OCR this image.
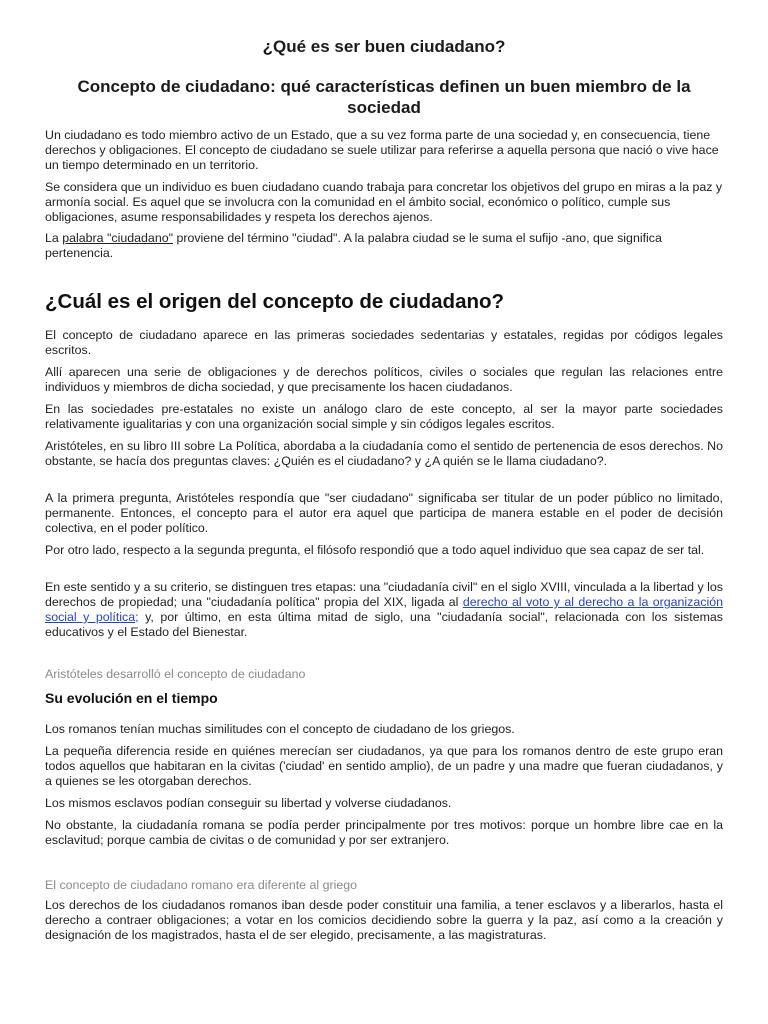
¿Qué es ser buen ciudadano?
Concepto de ciudadano: qué características definen un buen miembro de la sociedad

Un ciudadano es todo miembro activo de un Estado, que a su vez forma parte de una sociedad y, en consecuencia, tiene derechos y obligaciones. El concepto de ciudadano se suele utilizar para referirse a aquella persona que nació o vive hace un tiempo determinado en un territorio.

Se considera que un individuo es buen ciudadano cuando trabaja para concretar los objetivos del grupo en miras a la paz y armonía social. Es aquel que se involucra con la comunidad en el ámbito social, económico o político, cumple sus obligaciones, asume responsabilidades y respeta los derechos ajenos.

La palabra "ciudadano" proviene del término "ciudad". A la palabra ciudad se le suma el sufijo -ano, que significa pertenencia.

¿Cuál es el origen del concepto de ciudadano?

El concepto de ciudadano aparece en las primeras sociedades sedentarias y estatales, regidas por códigos legales escritos.

Allí aparecen una serie de obligaciones y de derechos políticos, civiles o sociales que regulan las relaciones entre individuos y miembros de dicha sociedad, y que precisamente los hacen ciudadanos.

En las sociedades pre-estatales no existe un análogo claro de este concepto, al ser la mayor parte sociedades relativamente igualitarias y con una organización social simple y sin códigos legales escritos.

Aristóteles, en su libro III sobre La Política, abordaba a la ciudadanía como el sentido de pertenencia de esos derechos. No obstante, se hacía dos preguntas claves: ¿Quién es el ciudadano? y ¿A quién se le llama ciudadano?.

A la primera pregunta, Aristóteles respondía que "ser ciudadano" significaba ser titular de un poder público no limitado, permanente. Entonces, el concepto para el autor era aquel que participa de manera estable en el poder de decisión colectiva, en el poder político.

Por otro lado, respecto a la segunda pregunta, el filósofo respondió que a todo aquel individuo que sea capaz de ser tal.

En este sentido y a su criterio, se distinguen tres etapas: una "ciudadanía civil" en el siglo XVIII, vinculada a la libertad y los derechos de propiedad; una "ciudadanía política" propia del XIX, ligada al derecho al voto y al derecho a la organización social y política; y, por último, en esta última mitad de siglo, una "ciudadanía social", relacionada con los sistemas educativos y el Estado del Bienestar.

Aristóteles desarrolló el concepto de ciudadano

Su evolución en el tiempo

Los romanos tenían muchas similitudes con el concepto de ciudadano de los griegos.

La pequeña diferencia reside en quiénes merecían ser ciudadanos, ya que para los romanos dentro de este grupo eran todos aquellos que habitaran en la civitas ('ciudad' en sentido amplio), de un padre y una madre que fueran ciudadanos, y a quienes se les otorgaban derechos.

Los mismos esclavos podían conseguir su libertad y volverse ciudadanos.

No obstante, la ciudadanía romana se podía perder principalmente por tres motivos: porque un hombre libre cae en la esclavitud; porque cambia de civitas o de comunidad y por ser extranjero.

El concepto de ciudadano romano era diferente al griego

Los derechos de los ciudadanos romanos iban desde poder constituir una familia, a tener esclavos y a liberarlos, hasta el derecho a contraer obligaciones; a votar en los comicios decidiendo sobre la guerra y la paz, así como a la creación y designación de los magistrados, hasta el de ser elegido, precisamente, a las magistraturas.
